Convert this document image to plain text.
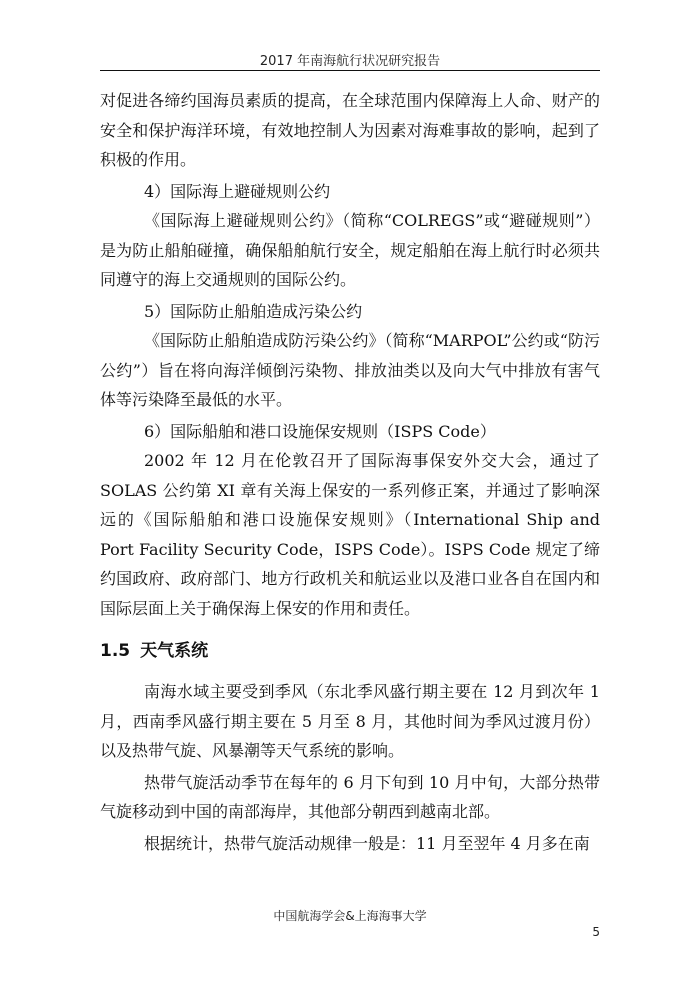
2017 年南海航行状况研究报告

对促进各缔约国海员素质的提高，在全球范围内保障海上人命、财产的安全和保护海洋环境，有效地控制人为因素对海难事故的影响，起到了积极的作用。

4）国际海上避碰规则公约

《国际海上避碰规则公约》（简称“COLREGS”或“避碰规则”）是为防止船舶碰撞，确保船舶航行安全，规定船舶在海上航行时必须共同遵守的海上交通规则的国际公约。

5）国际防止船舶造成污染公约

《国际防止船舶造成防污染公约》（简称“MARPOL”公约或“防污公约”）旨在将向海洋倾倒污染物、排放油类以及向大气中排放有害气体等污染降至最低的水平。

6）国际船舶和港口设施保安规则（ISPS Code）

2002 年 12 月在伦敦召开了国际海事保安外交大会，通过了 SOLAS 公约第 XI 章有关海上保安的一系列修正案，并通过了影响深远的《国际船舶和港口设施保安规则》（International Ship and Port Facility Security Code，ISPS Code）。ISPS Code 规定了缔约国政府、政府部门、地方行政机关和航运业以及港口业各自在国内和国际层面上关于确保海上保安的作用和责任。

1.5 天气系统

南海水域主要受到季风（东北季风盛行期主要在 12 月到次年 1 月，西南季风盛行期主要在 5 月至 8 月，其他时间为季风过渡月份）以及热带气旋、风暴潮等天气系统的影响。

热带气旋活动季节在每年的 6 月下旬到 10 月中旬，大部分热带气旋移动到中国的南部海岸，其他部分朝西到越南北部。

根据统计，热带气旋活动规律一般是：11 月至翌年 4 月多在南

中国航海学会&上海海事大学
5
